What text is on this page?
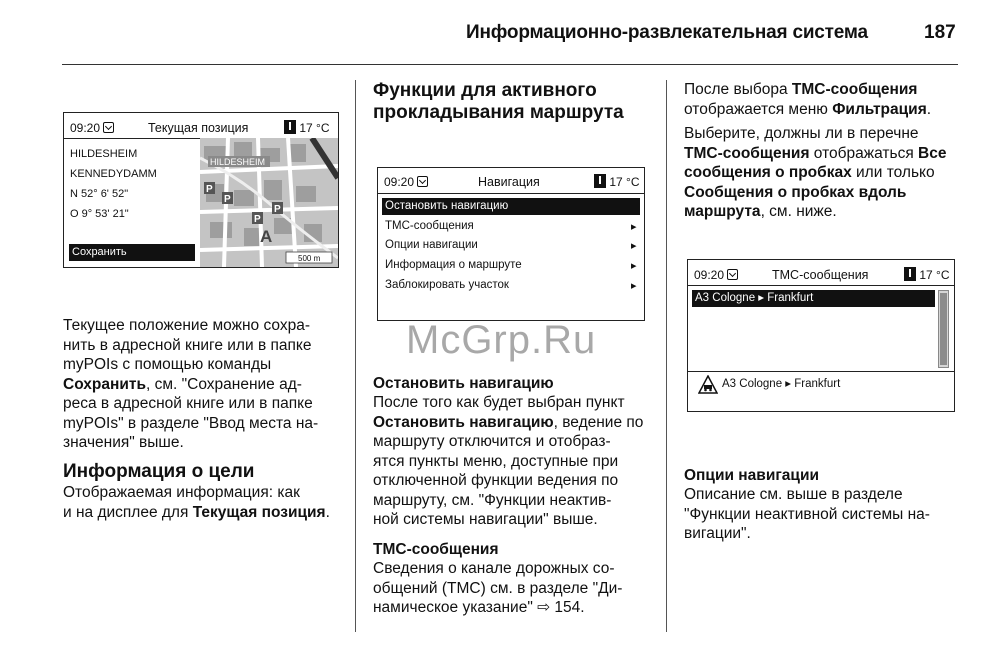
Информационно-развлекательная система	187
09:20	Текущая позиция	17 °C
HILDESHEIM
KENNEDYDAMM
N 52° 6' 52"
O 9° 53' 21"
Сохранить
HILDESHEIM
P
P
P
P
A
500 m
Текущее положение можно сохра-
нить в адресной книге или в папке
myPOIs с помощью команды
Сохранить, см. "Сохранение ад-
реса в адресной книге или в папке
myPOIs" в разделе "Ввод места на-
значения" выше.
Информация о цели
Отображаемая информация: как
и на дисплее для Текущая позиция.
Функции для активного
прокладывания маршрута
09:20	Навигация	17 °C
Остановить навигацию
TMC-сообщения	▸
Опции навигации	▸
Информация о маршруте	▸
Заблокировать участок	▸
McGrp.Ru
Остановить навигацию
После того как будет выбран пункт
Остановить навигацию, ведение по
маршруту отключится и отобраз-
ятся пункты меню, доступные при
отключенной функции ведения по
маршруту, см. "Функции неактив-
ной системы навигации" выше.
TMC-сообщения
Сведения о канале дорожных со-
общений (TMC) см. в разделе "Ди-
намическое указание" ⇨ 154.
После выбора TMC-сообщения
отображается меню Фильтрация.
Выберите, должны ли в перечне
TMC-сообщения отображаться Все
сообщения о пробках или только
Сообщения о пробках вдоль
маршрута, см. ниже.
09:20	TMC-сообщения	17 °C
A3 Cologne ▸ Frankfurt
A3 Cologne ▸ Frankfurt
Опции навигации
Описание см. выше в разделе
"Функции неактивной системы на-
вигации".
